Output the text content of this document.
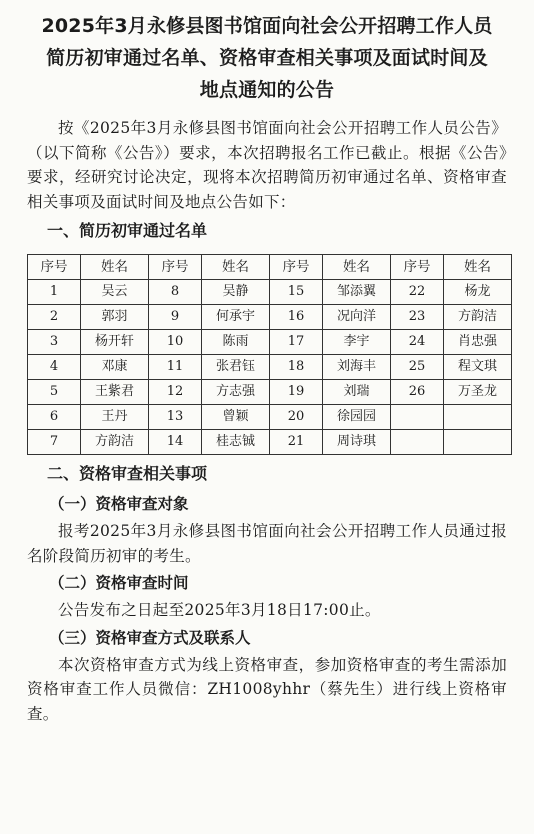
2025年3月永修县图书馆面向社会公开招聘工作人员
简历初审通过名单、资格审查相关事项及面试时间及
地点通知的公告

按《2025年3月永修县图书馆面向社会公开招聘工作人员公告》（以下简称《公告》）要求，本次招聘报名工作已截止。根据《公告》要求，经研究讨论决定，现将本次招聘简历初审通过名单、资格审查相关事项及面试时间及地点公告如下：

一、简历初审通过名单
序号	姓名	序号	姓名	序号	姓名	序号	姓名
1	吴云	8	吴静	15	邹添翼	22	杨龙
2	郭羽	9	何承宇	16	况向洋	23	方韵洁
3	杨开轩	10	陈雨	17	李宇	24	肖忠强
4	邓康	11	张君钰	18	刘海丰	25	程文琪
5	王紫君	12	方志强	19	刘瑞	26	万圣龙
6	王丹	13	曾颖	20	徐园园		
7	方韵洁	14	桂志铖	21	周诗琪		
二、资格审查相关事项
（一）资格审查对象

报考2025年3月永修县图书馆面向社会公开招聘工作人员通过报名阶段简历初审的考生。

（二）资格审查时间

公告发布之日起至2025年3月18日17:00止。

（三）资格审查方式及联系人

本次资格审查方式为线上资格审查，参加资格审查的考生需添加资格审查工作人员微信：ZH1008yhhr（蔡先生）进行线上资格审查。
